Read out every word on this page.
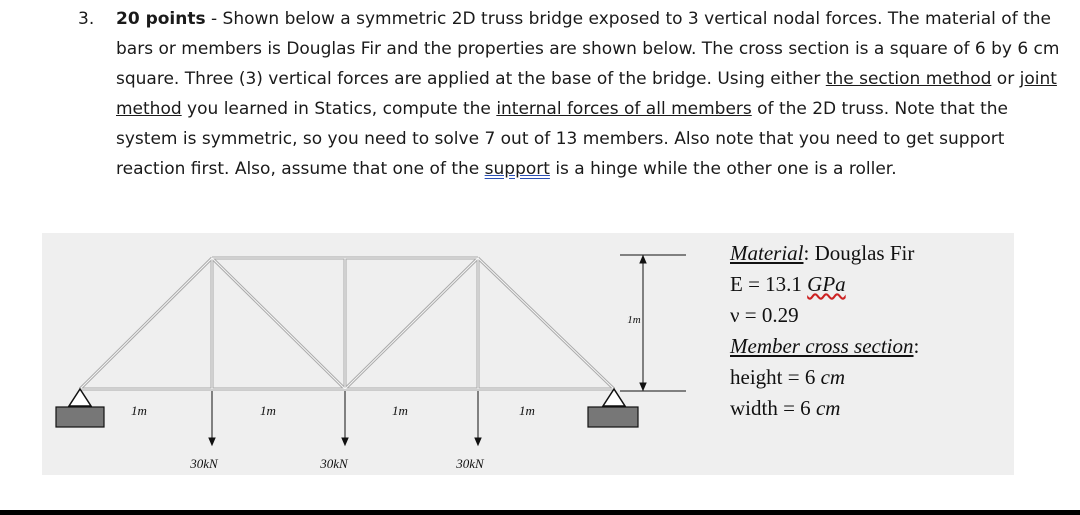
3. 20 points - Shown below a symmetric 2D truss bridge exposed to 3 vertical nodal forces. The material of the bars or members is Douglas Fir and the properties are shown below. The cross section is a square of 6 by 6 cm square. Three (3) vertical forces are applied at the base of the bridge. Using either the section method or joint method you learned in Statics, compute the internal forces of all members of the 2D truss. Note that the system is symmetric, so you need to solve 7 out of 13 members. Also note that you need to get support reaction first. Also, assume that one of the support is a hinge while the other one is a roller.
1m	1m	1m	1m
1m
30kN	30kN	30kN
Material: Douglas Fir
E = 13.1 GPa
ν = 0.29
Member cross section:
height = 6 cm
width = 6 cm
